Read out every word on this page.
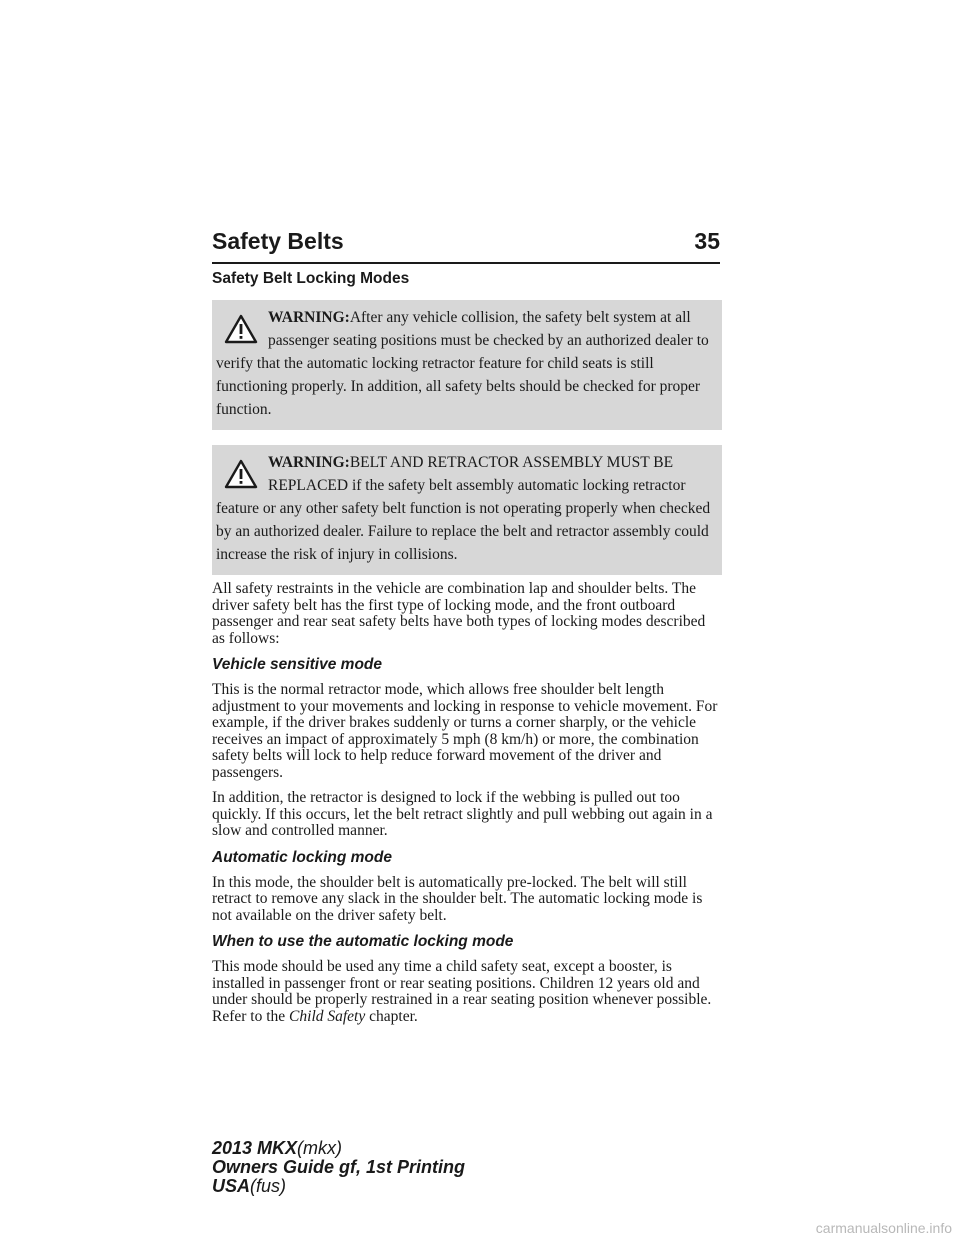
Safety Belts	35
Safety Belt Locking Modes
WARNING:After any vehicle collision, the safety belt system at all passenger seating positions must be checked by an authorized dealer to verify that the automatic locking retractor feature for child seats is still functioning properly. In addition, all safety belts should be checked for proper function.
WARNING:BELT AND RETRACTOR ASSEMBLY MUST BE REPLACED if the safety belt assembly automatic locking retractor feature or any other safety belt function is not operating properly when checked by an authorized dealer. Failure to replace the belt and retractor assembly could increase the risk of injury in collisions.

All safety restraints in the vehicle are combination lap and shoulder belts. The driver safety belt has the first type of locking mode, and the front outboard passenger and rear seat safety belts have both types of locking modes described as follows:

Vehicle sensitive mode

This is the normal retractor mode, which allows free shoulder belt length adjustment to your movements and locking in response to vehicle movement. For example, if the driver brakes suddenly or turns a corner sharply, or the vehicle receives an impact of approximately 5 mph (8 km/h) or more, the combination safety belts will lock to help reduce forward movement of the driver and passengers.

In addition, the retractor is designed to lock if the webbing is pulled out too quickly. If this occurs, let the belt retract slightly and pull webbing out again in a slow and controlled manner.

Automatic locking mode

In this mode, the shoulder belt is automatically pre-locked. The belt will still retract to remove any slack in the shoulder belt. The automatic locking mode is not available on the driver safety belt.

When to use the automatic locking mode

This mode should be used any time a child safety seat, except a booster, is installed in passenger front or rear seating positions. Children 12 years old and under should be properly restrained in a rear seating position whenever possible. Refer to the Child Safety chapter.

2013 MKX(mkx)
Owners Guide gf, 1st Printing
USA(fus)
carmanualsonline.info
